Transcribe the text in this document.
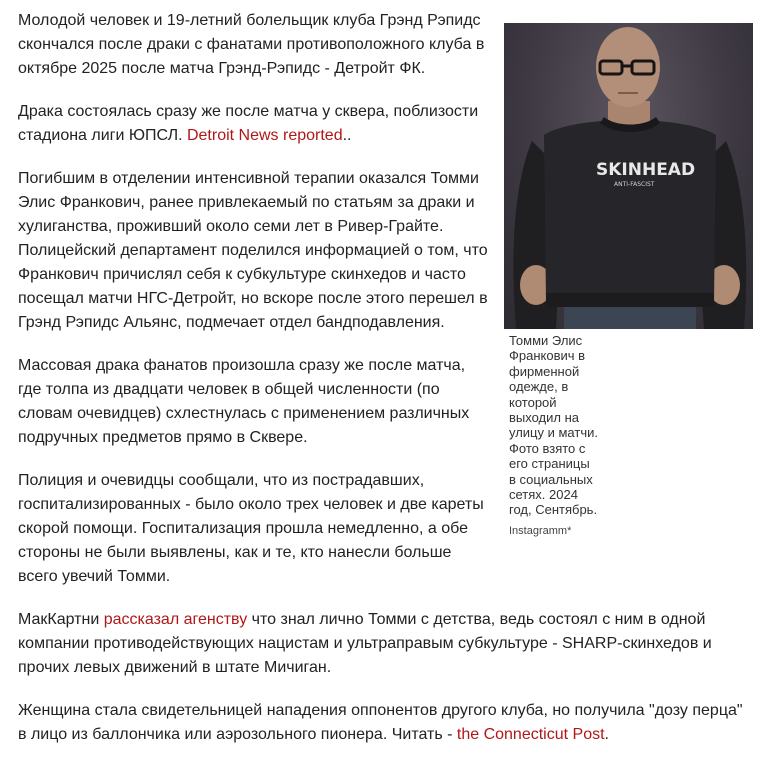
SKINHEAD
ANTI-FASCIST
Томми Элис Франкович в фирменной одежде, в которой выходил на улицу и матчи. Фото взято с его страницы в социальных сетях. 2024 год, Сентябрь.
Instagramm*

Молодой человек и 19-летний болельщик клуба Грэнд Рэпидс скончался после драки с фанатами противоположного клуба в октябре 2025 после матча Грэнд-Рэпидс - Детройт ФК.

Драка состоялась сразу же после матча у сквера, поблизости стадиона лиги ЮПСЛ. Detroit News reported..

Погибшим в отделении интенсивной терапии оказался Томми Элис Франкович, ранее привлекаемый по статьям за драки и хулиганства, проживший около семи лет в Ривер-Грайте. Полицейский департамент поделился информацией о том, что Франкович причислял себя к субкультуре скинхедов и часто посещал матчи НГС-Детройт, но вскоре после этого перешел в Грэнд Рэпидс Альянс, подмечает отдел бандподавления.

Массовая драка фанатов произошла сразу же после матча, где толпа из двадцати человек в общей численности (по словам очевидцев) схлестнулась с применением различных подручных предметов прямо в Сквере.

Полиция и очевидцы сообщали, что из пострадавших, госпитализированных - было около трех человек и две кареты скорой помощи. Госпитализация прошла немедленно, а обе стороны не были выявлены, как и те, кто нанесли больше всего увечий Томми.

МакКартни рассказал агенству что знал лично Томми с детства, ведь состоял с ним в одной компании противодействующих нацистам и ультраправым субкультуре - SHARP-скинхедов и прочих левых движений в штате Мичиган.

Женщина стала свидетельницей нападения оппонентов другого клуба, но получила "дозу перца" в лицо из баллончика или аэрозольного пионера. Читать - the Connecticut Post.
